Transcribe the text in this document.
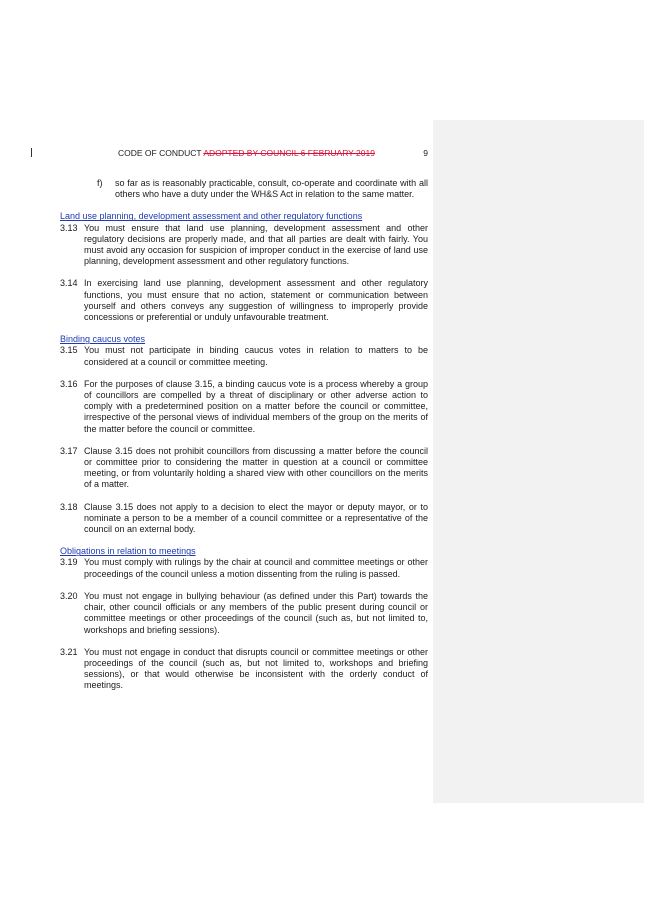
CODE OF CONDUCT ADOPTED BY COUNCIL 6 FEBRUARY 2019	9
f) so far as is reasonably practicable, consult, co-operate and coordinate with all others who have a duty under the WH&S Act in relation to the same matter.
Land use planning, development assessment and other regulatory functions
3.13 You must ensure that land use planning, development assessment and other regulatory decisions are properly made, and that all parties are dealt with fairly. You must avoid any occasion for suspicion of improper conduct in the exercise of land use planning, development assessment and other regulatory functions.
3.14 In exercising land use planning, development assessment and other regulatory functions, you must ensure that no action, statement or communication between yourself and others conveys any suggestion of willingness to improperly provide concessions or preferential or unduly unfavourable treatment.
Binding caucus votes
3.15 You must not participate in binding caucus votes in relation to matters to be considered at a council or committee meeting.
3.16 For the purposes of clause 3.15, a binding caucus vote is a process whereby a group of councillors are compelled by a threat of disciplinary or other adverse action to comply with a predetermined position on a matter before the council or committee, irrespective of the personal views of individual members of the group on the merits of the matter before the council or committee.
3.17 Clause 3.15 does not prohibit councillors from discussing a matter before the council or committee prior to considering the matter in question at a council or committee meeting, or from voluntarily holding a shared view with other councillors on the merits of a matter.
3.18 Clause 3.15 does not apply to a decision to elect the mayor or deputy mayor, or to nominate a person to be a member of a council committee or a representative of the council on an external body.
Obligations in relation to meetings
3.19 You must comply with rulings by the chair at council and committee meetings or other proceedings of the council unless a motion dissenting from the ruling is passed.
3.20 You must not engage in bullying behaviour (as defined under this Part) towards the chair, other council officials or any members of the public present during council or committee meetings or other proceedings of the council (such as, but not limited to, workshops and briefing sessions).
3.21 You must not engage in conduct that disrupts council or committee meetings or other proceedings of the council (such as, but not limited to, workshops and briefing sessions), or that would otherwise be inconsistent with the orderly conduct of meetings.
